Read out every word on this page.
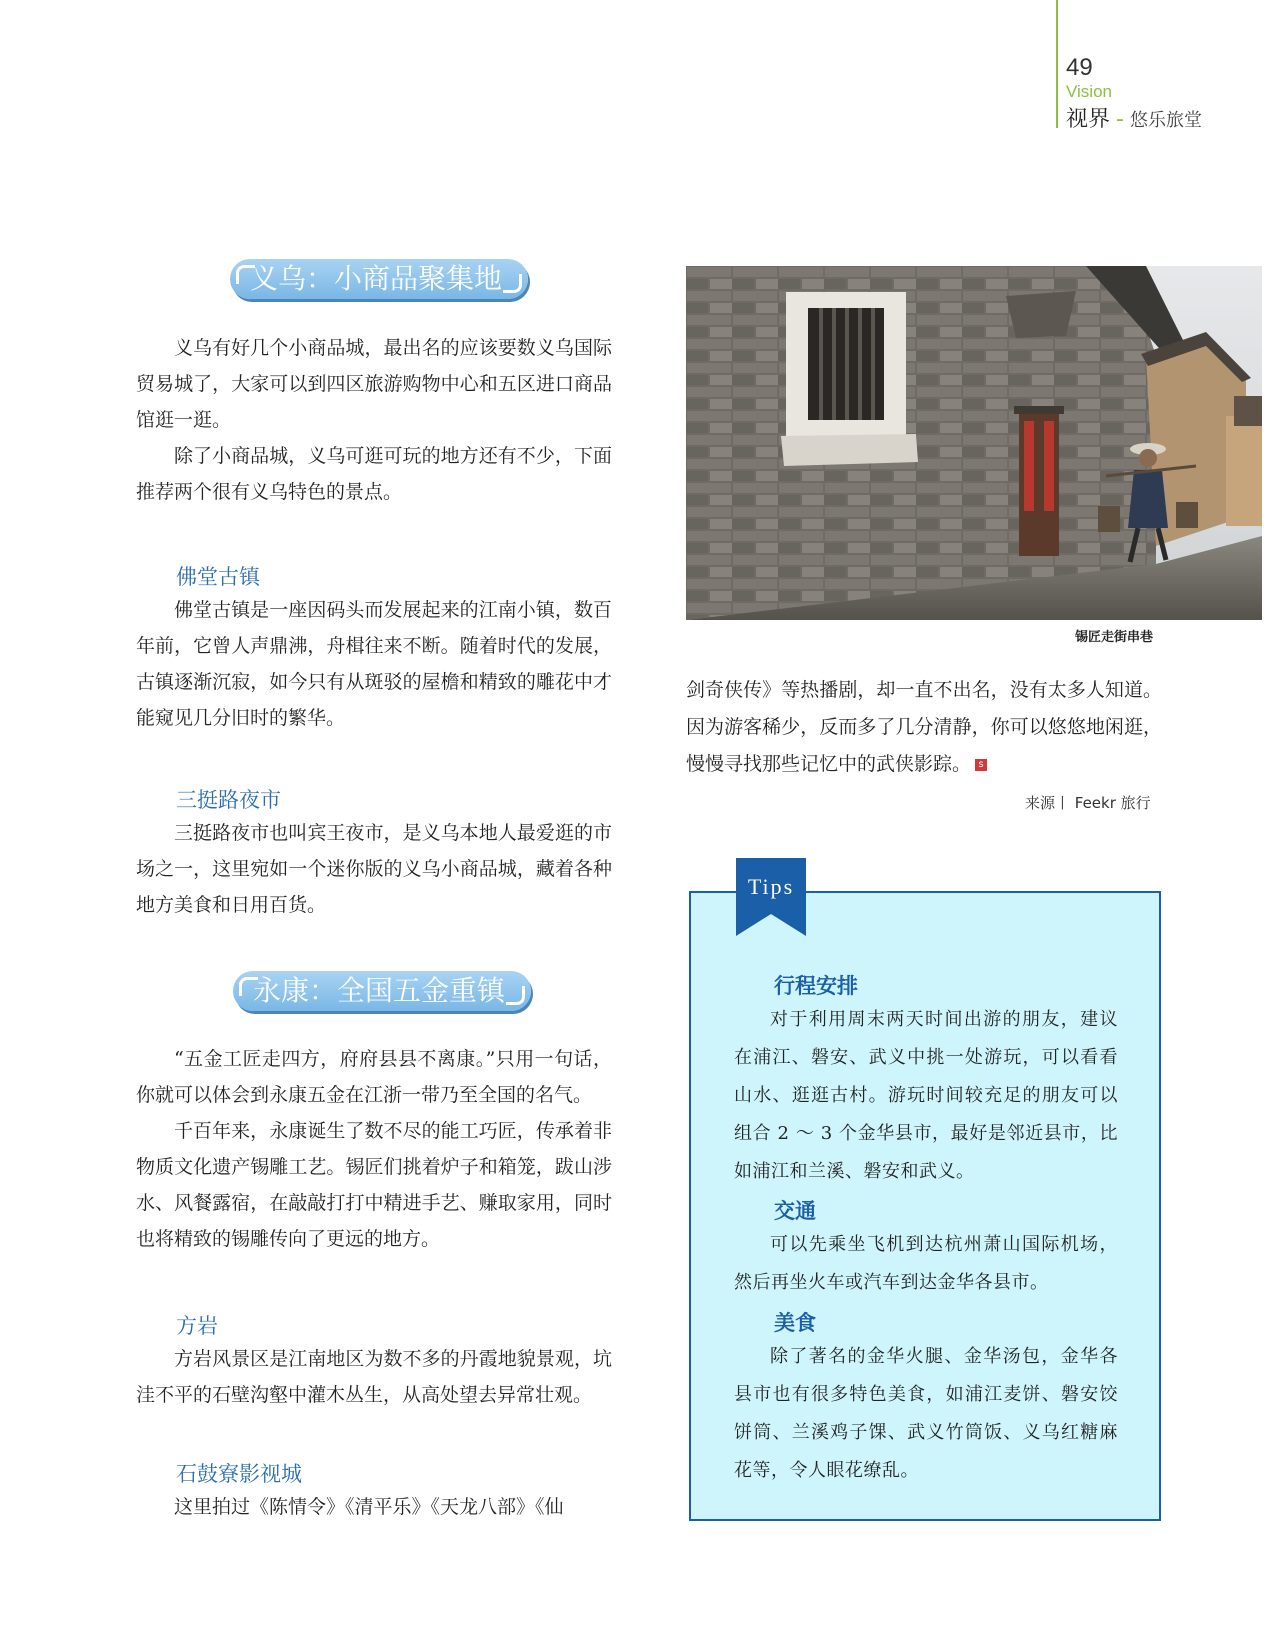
49
Vision
视界 - 悠乐旅堂
义乌：小商品聚集地

义乌有好几个小商品城，最出名的应该要数义乌国际贸易城了，大家可以到四区旅游购物中心和五区进口商品馆逛一逛。

除了小商品城，义乌可逛可玩的地方还有不少，下面推荐两个很有义乌特色的景点。

佛堂古镇

佛堂古镇是一座因码头而发展起来的江南小镇，数百年前，它曾人声鼎沸，舟楫往来不断。随着时代的发展，古镇逐渐沉寂，如今只有从斑驳的屋檐和精致的雕花中才能窥见几分旧时的繁华。

三挺路夜市

三挺路夜市也叫宾王夜市，是义乌本地人最爱逛的市场之一，这里宛如一个迷你版的义乌小商品城，藏着各种地方美食和日用百货。

永康：全国五金重镇

“五金工匠走四方，府府县县不离康。”只用一句话，你就可以体会到永康五金在江浙一带乃至全国的名气。

千百年来，永康诞生了数不尽的能工巧匠，传承着非物质文化遗产锡雕工艺。锡匠们挑着炉子和箱笼，跋山涉水、风餐露宿，在敲敲打打中精进手艺、赚取家用，同时也将精致的锡雕传向了更远的地方。

方岩

方岩风景区是江南地区为数不多的丹霞地貌景观，坑洼不平的石壁沟壑中灌木丛生，从高处望去异常壮观。

石鼓寮影视城

这里拍过《陈情令》《清平乐》《天龙八部》《仙

锡匠走街串巷

剑奇侠传》等热播剧，却一直不出名，没有太多人知道。因为游客稀少，反而多了几分清静，你可以悠悠地闲逛，慢慢寻找那些记忆中的武侠影踪。 s

来源丨 Feekr 旅行
Tips
行程安排

对于利用周末两天时间出游的朋友，建议在浦江、磐安、武义中挑一处游玩，可以看看山水、逛逛古村。游玩时间较充足的朋友可以组合 2 ～ 3 个金华县市，最好是邻近县市，比如浦江和兰溪、磐安和武义。

交通

可以先乘坐飞机到达杭州萧山国际机场，然后再坐火车或汽车到达金华各县市。

美食

除了著名的金华火腿、金华汤包，金华各县市也有很多特色美食，如浦江麦饼、磐安饺饼筒、兰溪鸡子馃、武义竹筒饭、义乌红糖麻花等，令人眼花缭乱。
